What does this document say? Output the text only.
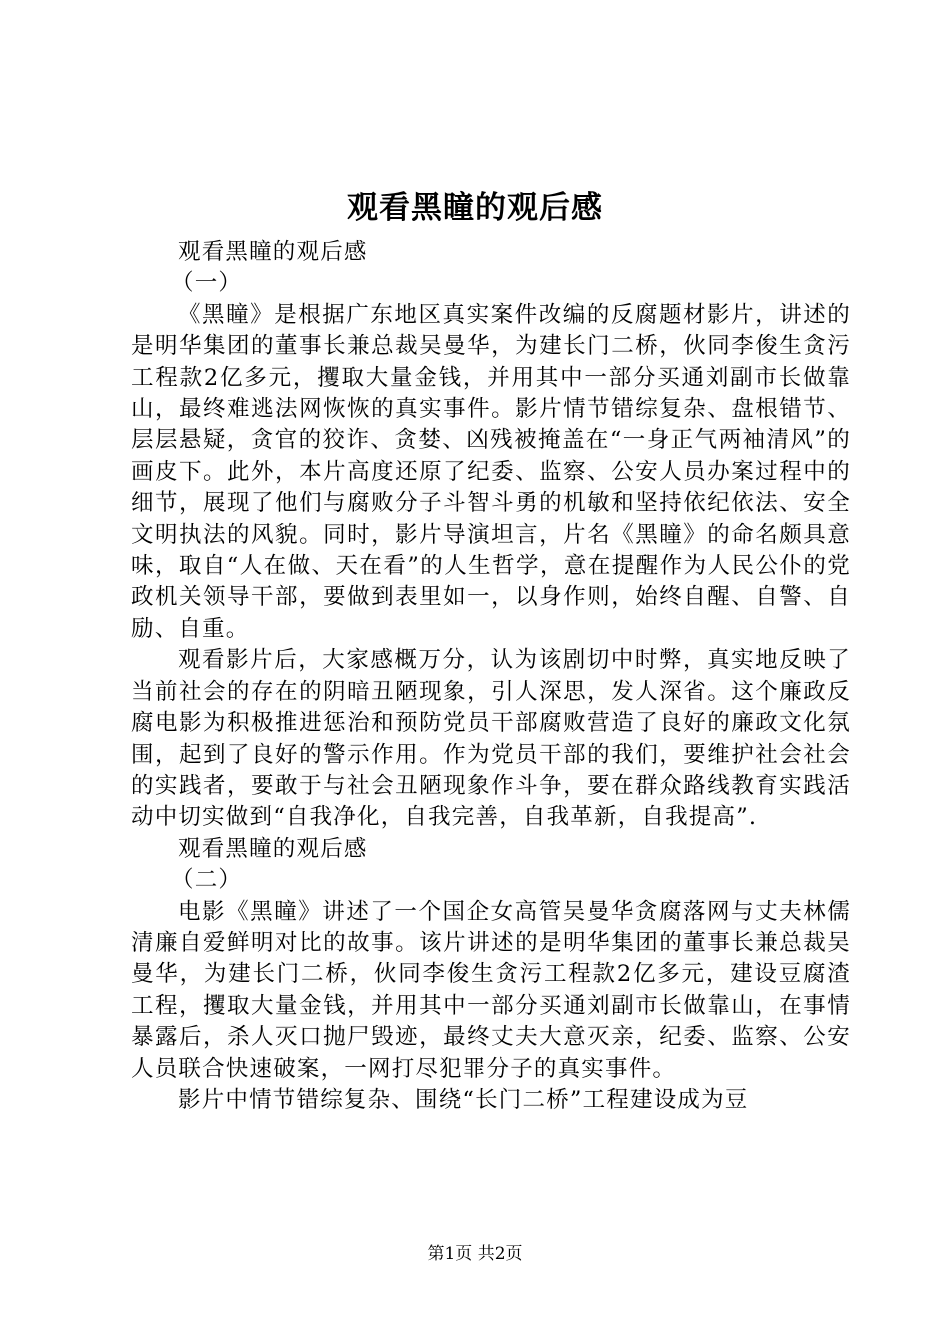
观看黑瞳的观后感

观看黑瞳的观后感

（一）

《黑瞳》是根据广东地区真实案件改编的反腐题材影片，讲述的是明华集团的董事长兼总裁吴曼华，为建长门二桥，伙同李俊生贪污工程款2亿多元，攫取大量金钱，并用其中一部分买通刘副市长做靠山，最终难逃法网恢恢的真实事件。影片情节错综复杂、盘根错节、层层悬疑，贪官的狡诈、贪婪、凶残被掩盖在“一身正气两袖清风”的画皮下。此外，本片高度还原了纪委、监察、公安人员办案过程中的细节，展现了他们与腐败分子斗智斗勇的机敏和坚持依纪依法、安全文明执法的风貌。同时，影片导演坦言，片名《黑瞳》的命名颇具意味，取自“人在做、天在看”的人生哲学，意在提醒作为人民公仆的党政机关领导干部，要做到表里如一，以身作则，始终自醒、自警、自励、自重。

观看影片后，大家感概万分，认为该剧切中时弊，真实地反映了当前社会的存在的阴暗丑陋现象，引人深思，发人深省。这个廉政反腐电影为积极推进惩治和预防党员干部腐败营造了良好的廉政文化氛围，起到了良好的警示作用。作为党员干部的我们，要维护社会社会的实践者，要敢于与社会丑陋现象作斗争，要在群众路线教育实践活动中切实做到“自我净化，自我完善，自我革新，自我提高”.

观看黑瞳的观后感

（二）

电影《黑瞳》讲述了一个国企女高管吴曼华贪腐落网与丈夫林儒清廉自爱鲜明对比的故事。该片讲述的是明华集团的董事长兼总裁吴曼华，为建长门二桥，伙同李俊生贪污工程款2亿多元，建设豆腐渣工程，攫取大量金钱，并用其中一部分买通刘副市长做靠山，在事情暴露后，杀人灭口抛尸毁迹，最终丈夫大意灭亲，纪委、监察、公安人员联合快速破案，一网打尽犯罪分子的真实事件。

影片中情节错综复杂、围绕“长门二桥”工程建设成为豆

第1页 共2页
